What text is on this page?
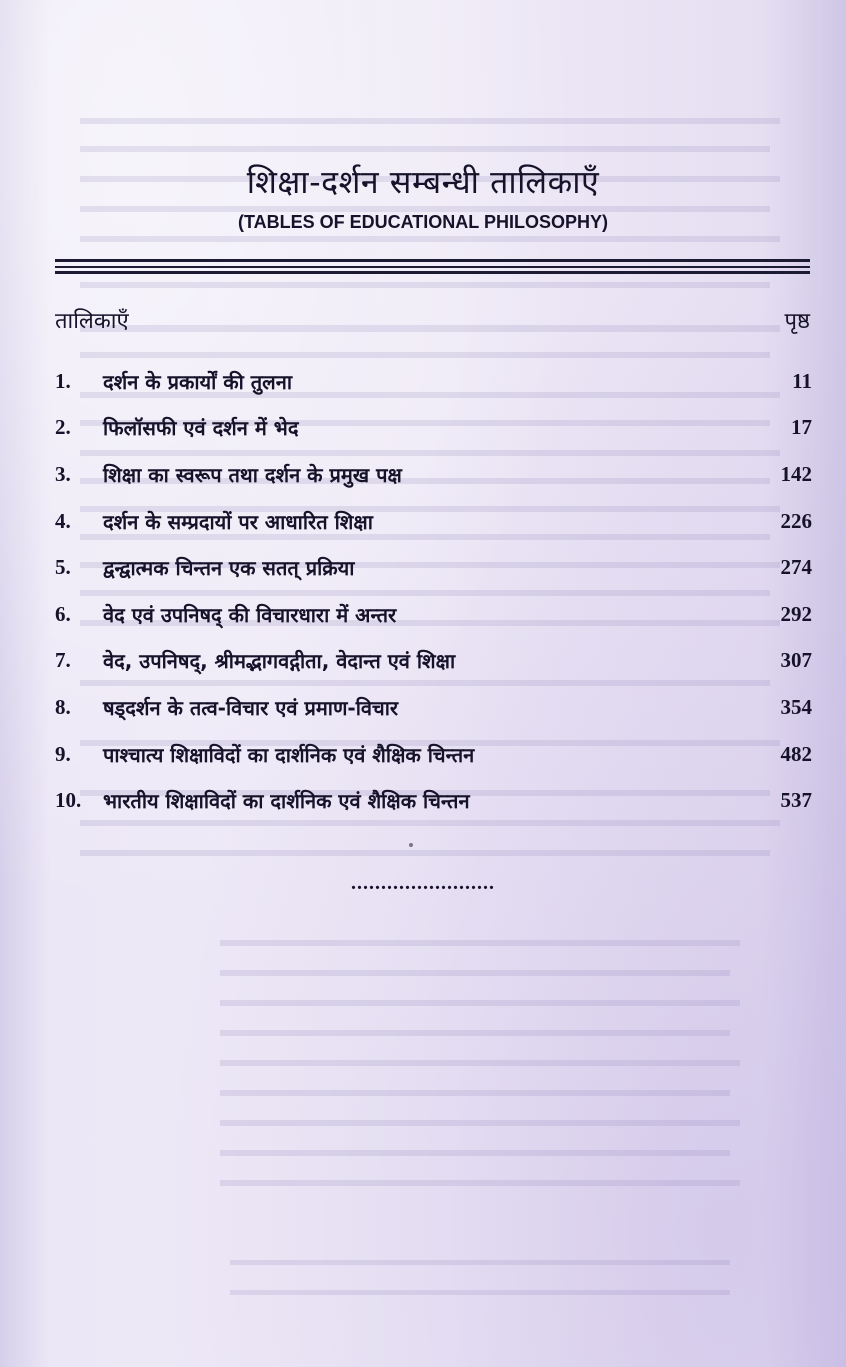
शिक्षा-दर्शन सम्बन्धी तालिकाएँ
(TABLES OF EDUCATIONAL PHILOSOPHY)
तालिकाएँ	पृष्ठ
1.	दर्शन के प्रकार्यों की तुलना	11
2.	फिलॉसफी एवं दर्शन में भेद	17
3.	शिक्षा का स्वरूप तथा दर्शन के प्रमुख पक्ष	142
4.	दर्शन के सम्प्रदायों पर आधारित शिक्षा	226
5.	द्वन्द्वात्मक चिन्तन एक सतत् प्रक्रिया	274
6.	वेद एवं उपनिषद् की विचारधारा में अन्तर	292
7.	वेद, उपनिषद्, श्रीमद्भागवद्गीता, वेदान्त एवं शिक्षा	307
8.	षड्दर्शन के तत्व-विचार एवं प्रमाण-विचार	354
9.	पाश्चात्य शिक्षाविदों का दार्शनिक एवं शैक्षिक चिन्तन	482
10.	भारतीय शिक्षाविदों का दार्शनिक एवं शैक्षिक चिन्तन	537
........................
